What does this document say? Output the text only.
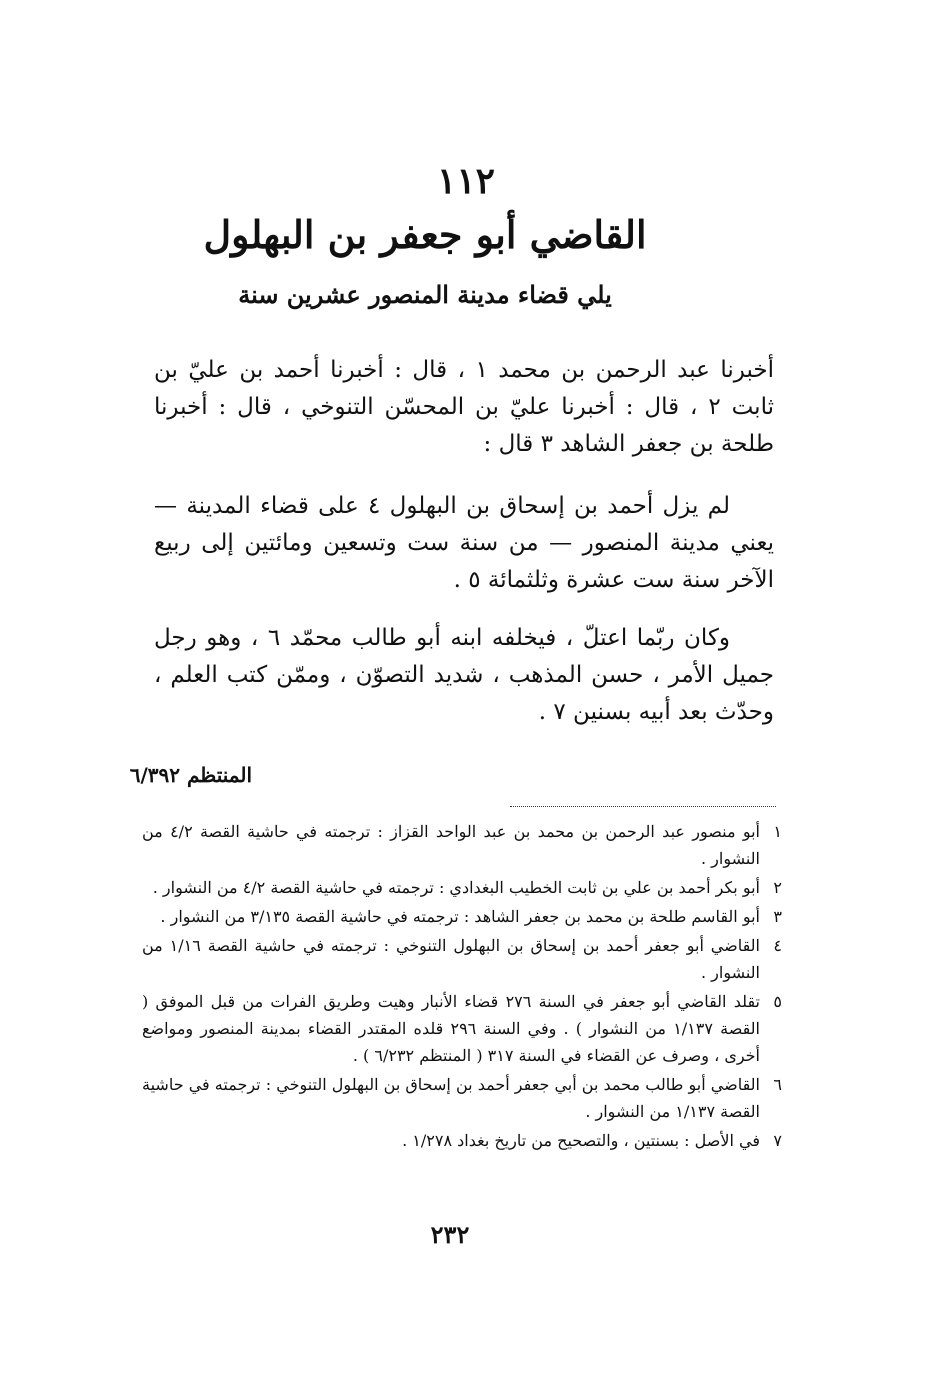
١١٢
القاضي أبو جعفر بن البهلول
يلي قضاء مدينة المنصور عشرين سنة

أخبرنا عبد الرحمن بن محمد ١ ، قال : أخبرنا أحمد بن عليّ بن ثابت ٢ ، قال : أخبرنا عليّ بن المحسّن التنوخي ، قال : أخبرنا طلحة بن جعفر الشاهد ٣ قال :

لم يزل أحمد بن إسحاق بن البهلول ٤ على قضاء المدينة — يعني مدينة المنصور — من سنة ست وتسعين ومائتين إلى ربيع الآخر سنة ست عشرة وثلثمائة ٥ .

وكان ربّما اعتلّ ، فيخلفه ابنه أبو طالب محمّد ٦ ، وهو رجل جميل الأمر ، حسن المذهب ، شديد التصوّن ، وممّن كتب العلم ، وحدّث بعد أبيه بسنين ٧ .

المنتظم ٦/٣٩٢
١
أبو منصور عبد الرحمن بن محمد بن عبد الواحد القزاز : ترجمته في حاشية القصة ٤/٢ من النشوار .
٢
أبو بكر أحمد بن علي بن ثابت الخطيب البغدادي : ترجمته في حاشية القصة ٤/٢ من النشوار .
٣
أبو القاسم طلحة بن محمد بن جعفر الشاهد : ترجمته في حاشية القصة ٣/١٣٥ من النشوار .
٤
القاضي أبو جعفر أحمد بن إسحاق بن البهلول التنوخي : ترجمته في حاشية القصة ١/١٦ من النشوار .
٥
تقلد القاضي أبو جعفر في السنة ٢٧٦ قضاء الأنبار وهيت وطريق الفرات من قبل الموفق ( القصة ١/١٣٧ من النشوار ) . وفي السنة ٢٩٦ قلده المقتدر القضاء بمدينة المنصور ومواضع أخرى ، وصرف عن القضاء في السنة ٣١٧ ( المنتظم ٦/٢٣٢ ) .
٦
القاضي أبو طالب محمد بن أبي جعفر أحمد بن إسحاق بن البهلول التنوخي : ترجمته في حاشية القصة ١/١٣٧ من النشوار .
٧
في الأصل : بسنتين ، والتصحيح من تاريخ بغداد ١/٢٧٨ .
٢٣٢
